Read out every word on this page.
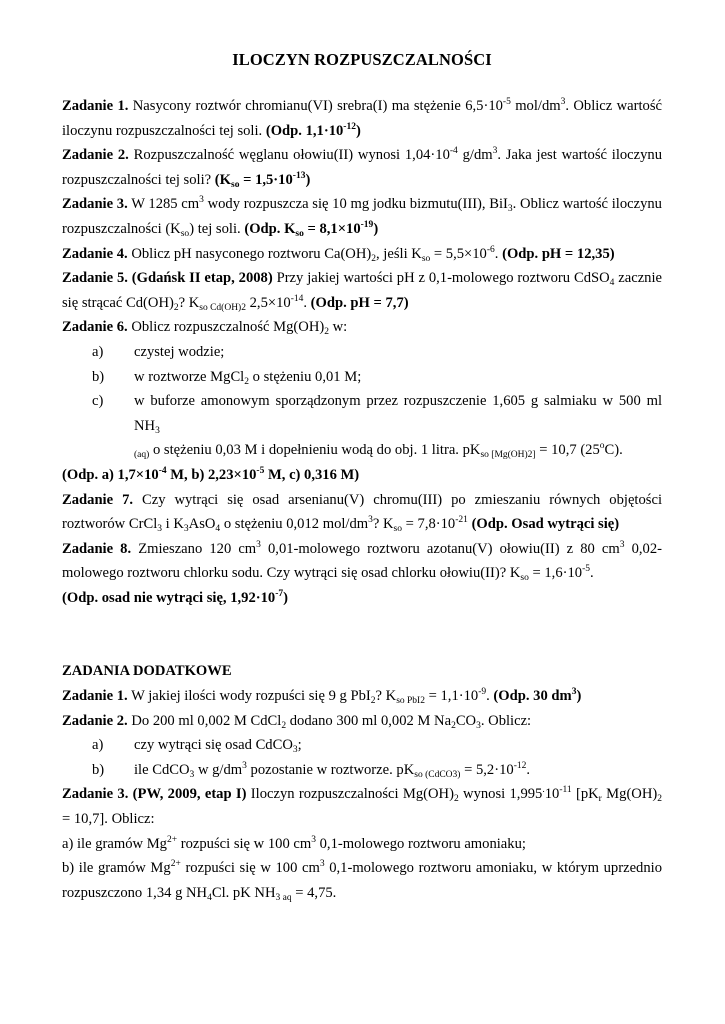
ILOCZYN ROZPUSZCZALNOŚCI

Zadanie 1. Nasycony roztwór chromianu(VI) srebra(I) ma stężenie $6,5\cdot 10^{-5}$ mol/$dm^3$. Oblicz wartość iloczynu rozpuszczalności tej soli. (Odp. $1,1\cdot 10^{-12}$)

Zadanie 2. Rozpuszczalność węglanu ołowiu(II) wynosi $1,04\cdot 10^{-4}$ $g/dm^3$. Jaka jest wartość iloczynu rozpuszczalności tej soli? $(K_{so} = 1,5\cdot 10^{-13})$

Zadanie 3. W 1285 $cm^3$ wody rozpuszcza się 10 mg jodku bizmutu(III), BiI$_3$. Oblicz wartość iloczynu rozpuszczalności $(K_{so})$ tej soli. (Odp. $K_{so} = 8,1\times 10^{-19}$)

Zadanie 4. Oblicz pH nasyconego roztworu $Ca(OH)_2$, jeśli $K_{so} = 5,5\times 10^{-6}$. (Odp. pH = 12,35)

Zadanie 5. (Gdańsk II etap, 2008) Przy jakiej wartości pH z 0,1-molowego roztworu CdSO$_4$ zacznie się strącać $Cd(OH)_2$? $K_{so Cd(OH)2}$ $2,5\times 10^{-14}$. (Odp. pH = 7,7)

Zadanie 6. Oblicz rozpuszczalność $Mg(OH)_2$ w:

a)	czystej wodzie;
b)	w roztworze MgCl$_2$ o stężeniu 0,01 M;
c)	w buforze amonowym sporządzonym przez rozpuszczenie 1,605 g salmiaku w 500 ml $NH_3$
$_{(aq)}$ o stężeniu 0,03 M i dopełnieniu wodą do obj. 1 litra. $pK_{so [Mg(OH)2]} = 10,7$ (25$^o$C).

(Odp. a) $1,7\times 10^{-4}$ M, b) $2,23\times 10^{-5}$ M, c) 0,316 M)

Zadanie 7. Czy wytrąci się osad arsenianu(V) chromu(III) po zmieszaniu równych objętości roztworów CrCl$_3$ i $K_3AsO_4$ o stężeniu 0,012 mol/$dm^3$? $K_{so} = 7,8\cdot 10^{-21}$ (Odp. Osad wytrąci się)

Zadanie 8. Zmieszano 120 $cm^3$ 0,01-molowego roztworu azotanu(V) ołowiu(II) z 80 $cm^3$ 0,02-molowego roztworu chlorku sodu. Czy wytrąci się osad chlorku ołowiu(II)? $K_{so} = 1,6\cdot 10^{-5}$.

(Odp. osad nie wytrąci się, $1,92\cdot 10^{-7}$)

ZADANIA DODATKOWE

Zadanie 1. W jakiej ilości wody rozpuści się 9 g PbI$_2$? $K_{so PbI2} = 1,1\cdot 10^{-9}$. (Odp. 30 $dm^3$)

Zadanie 2. Do 200 ml 0,002 M CdCl$_2$ dodano 300 ml 0,002 M $Na_2CO_3$. Oblicz:

a)	czy wytrąci się osad CdCO$_3$;
b)	ile CdCO$_3$ w $g/dm^3$ pozostanie w roztworze. $pK_{so (CdCO3)} = 5,2\cdot 10^{-12}$.

Zadanie 3. (PW, 2009, etap I) Iloczyn rozpuszczalności $Mg(OH)_2$ wynosi $1,995^.10^{-11}$ [$pK_r$ $Mg(OH)_2 = 10,7$]. Oblicz:

a) ile gramów $Mg^{2+}$ rozpuści się w 100 $cm^3$ 0,1-molowego roztworu amoniaku;

b) ile gramów $Mg^{2+}$ rozpuści się w 100 $cm^3$ 0,1-molowego roztworu amoniaku, w którym uprzednio rozpuszczono 1,34 g $NH_4Cl$. pK $NH_{3 aq} = 4,75$.
